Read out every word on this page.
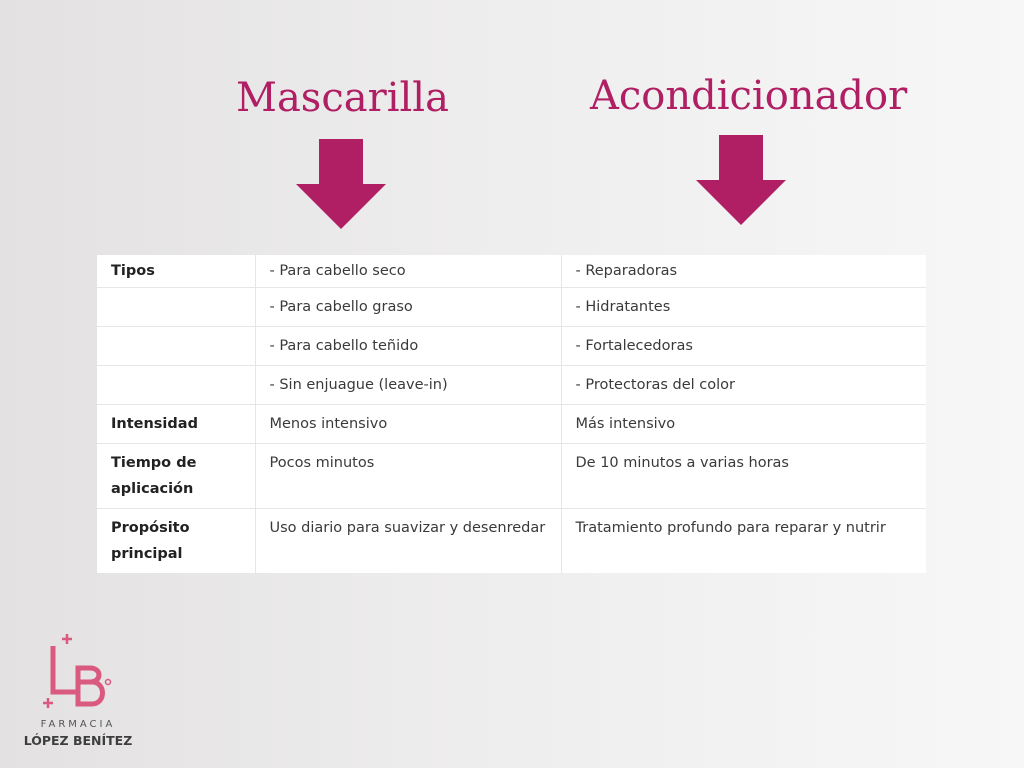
Mascarilla	Acondicionador
Tipos	- Para cabello seco	- Reparadoras
	- Para cabello graso	- Hidratantes
	- Para cabello teñido	- Fortalecedoras
	- Sin enjuague (leave-in)	- Protectoras del color
Intensidad	Menos intensivo	Más intensivo
Tiempo de aplicación	Pocos minutos	De 10 minutos a varias horas
Propósito principal	Uso diario para suavizar y desenredar	Tratamiento profundo para reparar y nutrir
FARMACIA
LÓPEZ BENÍTEZ
